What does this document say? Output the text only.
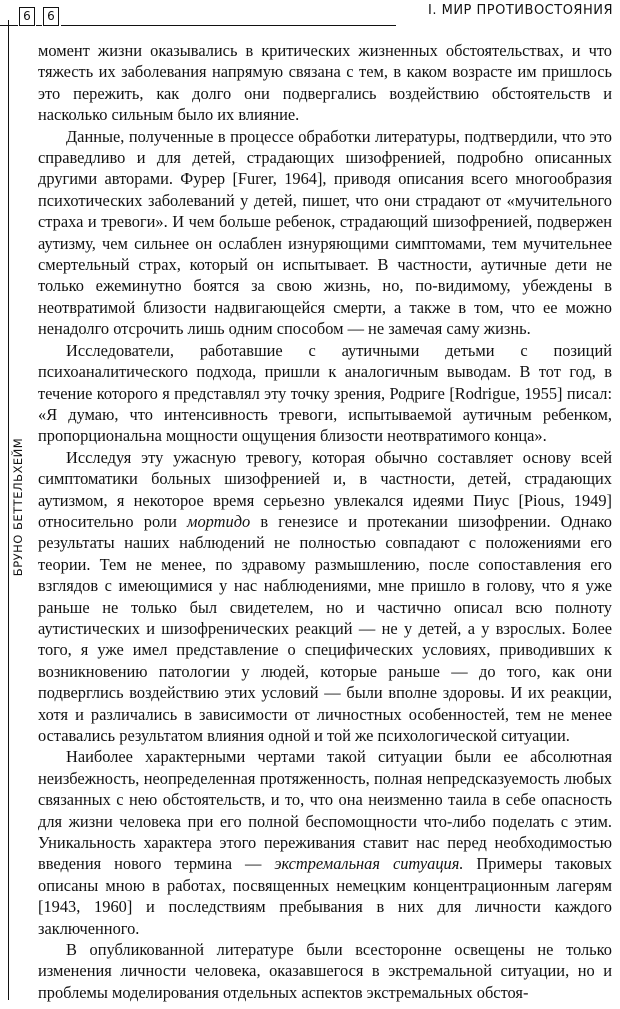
6	6	I. МИР ПРОТИВОСТОЯНИЯ
БРУНО БЕТТЕЛЬХЕЙМ

момент жизни оказывались в критических жизненных обстоятельствах, и что тяжесть их заболевания напрямую связана с тем, в каком возрасте им пришлось это пережить, как долго они подвергались воздействию обстоятельств и насколько сильным было их влияние.

Данные, полученные в процессе обработки литературы, подтвердили, что это справедливо и для детей, страдающих шизофренией, подробно описанных другими авторами. Фурер [Furer, 1964], приводя описания всего многообразия психотических заболеваний у детей, пишет, что они страдают от «мучительного страха и тревоги». И чем больше ребенок, страдающий шизофренией, подвержен аутизму, чем сильнее он ослаблен изнуряющими симптомами, тем мучительнее смертельный страх, который он испытывает. В частности, аутичные дети не только ежеминутно боятся за свою жизнь, но, по-видимому, убеждены в неотвратимой близости надвигающейся смерти, а также в том, что ее можно ненадолго отсрочить лишь одним способом — не замечая саму жизнь.

Исследователи, работавшие с аутичными детьми с позиций психоаналитического подхода, пришли к аналогичным выводам. В тот год, в течение которого я представлял эту точку зрения, Родриге [Rodrigue, 1955] писал: «Я думаю, что интенсивность тревоги, испытываемой аутичным ребенком, пропорциональна мощности ощущения близости неотвратимого конца».

Исследуя эту ужасную тревогу, которая обычно составляет основу всей симптоматики больных шизофренией и, в частности, детей, страдающих аутизмом, я некоторое время серьезно увлекался идеями Пиус [Pious, 1949] относительно роли мортидо в генезисе и протекании шизофрении. Однако результаты наших наблюдений не полностью совпадают с положениями его теории. Тем не менее, по здравому размышлению, после сопоставления его взглядов с имеющимися у нас наблюдениями, мне пришло в голову, что я уже раньше не только был свидетелем, но и частично описал всю полноту аутистических и шизофренических реакций — не у детей, а у взрослых. Более того, я уже имел представление о специфических условиях, приводивших к возникновению патологии у людей, которые раньше — до того, как они подверглись воздействию этих условий — были вполне здоровы. И их реакции, хотя и различались в зависимости от личностных особенностей, тем не менее оставались результатом влияния одной и той же психологической ситуации.

Наиболее характерными чертами такой ситуации были ее абсолютная неизбежность, неопределенная протяженность, полная непредсказуемость любых связанных с нею обстоятельств, и то, что она неизменно таила в себе опасность для жизни человека при его полной беспомощности что-либо поделать с этим. Уникальность характера этого переживания ставит нас перед необходимостью введения нового термина — экстремальная ситуация. Примеры таковых описаны мною в работах, посвященных немецким концентрационным лагерям [1943, 1960] и последствиям пребывания в них для личности каждого заключенного.

В опубликованной литературе были всесторонне освещены не только изменения личности человека, оказавшегося в экстремальной ситуации, но и проблемы моделирования отдельных аспектов экстремальных обстоя-
